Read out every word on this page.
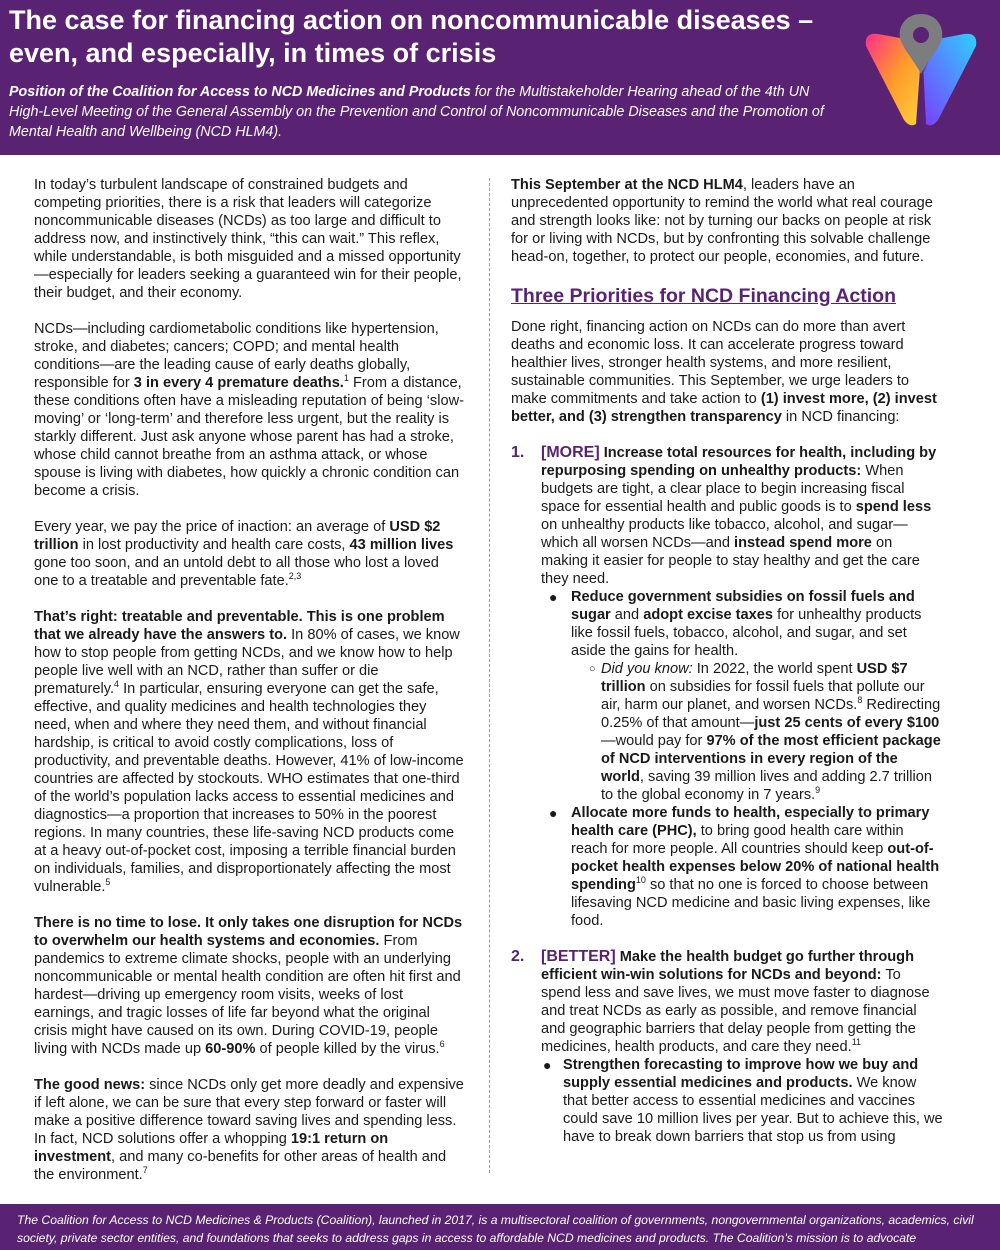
The case for financing action on noncommunicable diseases – even, and especially, in times of crisis

Position of the Coalition for Access to NCD Medicines and Products for the Multistakeholder Hearing ahead of the 4th UN High-Level Meeting of the General Assembly on the Prevention and Control of Noncommunicable Diseases and the Promotion of Mental Health and Wellbeing (NCD HLM4).

In today’s turbulent landscape of constrained budgets and competing priorities, there is a risk that leaders will categorize noncommunicable diseases (NCDs) as too large and difficult to address now, and instinctively think, “this can wait.” This reflex, while understandable, is both misguided and a missed opportunity—especially for leaders seeking a guaranteed win for their people, their budget, and their economy.

NCDs—including cardiometabolic conditions like hypertension, stroke, and diabetes; cancers; COPD; and mental health conditions—are the leading cause of early deaths globally, responsible for 3 in every 4 premature deaths.$^1$ From a distance, these conditions often have a misleading reputation of being ‘slow-moving’ or ‘long-term’ and therefore less urgent, but the reality is starkly different. Just ask anyone whose parent has had a stroke, whose child cannot breathe from an asthma attack, or whose spouse is living with diabetes, how quickly a chronic condition can become a crisis.

Every year, we pay the price of inaction: an average of USD $2 trillion in lost productivity and health care costs, 43 million lives gone too soon, and an untold debt to all those who lost a loved one to a treatable and preventable fate.$^{2,3}$

That’s right: treatable and preventable. This is one problem that we already have the answers to. In 80% of cases, we know how to stop people from getting NCDs, and we know how to help people live well with an NCD, rather than suffer or die prematurely.$^4$ In particular, ensuring everyone can get the safe, effective, and quality medicines and health technologies they need, when and where they need them, and without financial hardship, is critical to avoid costly complications, loss of productivity, and preventable deaths. However, 41% of low-income countries are affected by stockouts. WHO estimates that one-third of the world’s population lacks access to essential medicines and diagnostics—a proportion that increases to 50% in the poorest regions. In many countries, these life-saving NCD products come at a heavy out-of-pocket cost, imposing a terrible financial burden on individuals, families, and disproportionately affecting the most vulnerable.$^5$

There is no time to lose. It only takes one disruption for NCDs to overwhelm our health systems and economies. From pandemics to extreme climate shocks, people with an underlying noncommunicable or mental health condition are often hit first and hardest—driving up emergency room visits, weeks of lost earnings, and tragic losses of life far beyond what the original crisis might have caused on its own. During COVID-19, people living with NCDs made up 60-90% of people killed by the virus.$^6$

The good news: since NCDs only get more deadly and expensive if left alone, we can be sure that every step forward or faster will make a positive difference toward saving lives and spending less. In fact, NCD solutions offer a whopping 19:1 return on investment, and many co-benefits for other areas of health and the environment.$^7$

This September at the NCD HLM4, leaders have an unprecedented opportunity to remind the world what real courage and strength looks like: not by turning our backs on people at risk for or living with NCDs, but by confronting this solvable challenge head-on, together, to protect our people, economies, and future.

Three Priorities for NCD Financing Action

Done right, financing action on NCDs can do more than avert deaths and economic loss. It can accelerate progress toward healthier lives, stronger health systems, and more resilient, sustainable communities. This September, we urge leaders to make commitments and take action to (1) invest more, (2) invest better, and (3) strengthen transparency in NCD financing:

1. [MORE] Increase total resources for health, including by repurposing spending on unhealthy products: When budgets are tight, a clear place to begin increasing fiscal space for essential health and public goods is to spend less on unhealthy products like tobacco, alcohol, and sugar—which all worsen NCDs—and instead spend more on making it easier for people to stay healthy and get the care they need.
● Reduce government subsidies on fossil fuels and sugar and adopt excise taxes for unhealthy products like fossil fuels, tobacco, alcohol, and sugar, and set aside the gains for health.
○ Did you know: In 2022, the world spent USD $7 trillion on subsidies for fossil fuels that pollute our air, harm our planet, and worsen NCDs.$^8$ Redirecting 0.25% of that amount—just 25 cents of every $100—would pay for 97% of the most efficient package of NCD interventions in every region of the world, saving 39 million lives and adding 2.7 trillion to the global economy in 7 years.$^9$
● Allocate more funds to health, especially to primary health care (PHC), to bring good health care within reach for more people. All countries should keep out-of-pocket health expenses below 20% of national health spending$^{10}$ so that no one is forced to choose between lifesaving NCD medicine and basic living expenses, like food.
2. [BETTER] Make the health budget go further through efficient win-win solutions for NCDs and beyond: To spend less and save lives, we must move faster to diagnose and treat NCDs as early as possible, and remove financial and geographic barriers that delay people from getting the medicines, health products, and care they need.$^{11}$
● Strengthen forecasting to improve how we buy and supply essential medicines and products. We know that better access to essential medicines and vaccines could save 10 million lives per year. But to achieve this, we have to break down barriers that stop us from using

The Coalition for Access to NCD Medicines & Products (Coalition), launched in 2017, is a multisectoral coalition of governments, nongovernmental organizations, academics, civil society, private sector entities, and foundations that seeks to address gaps in access to affordable NCD medicines and products. The Coalition’s mission is to advocate
